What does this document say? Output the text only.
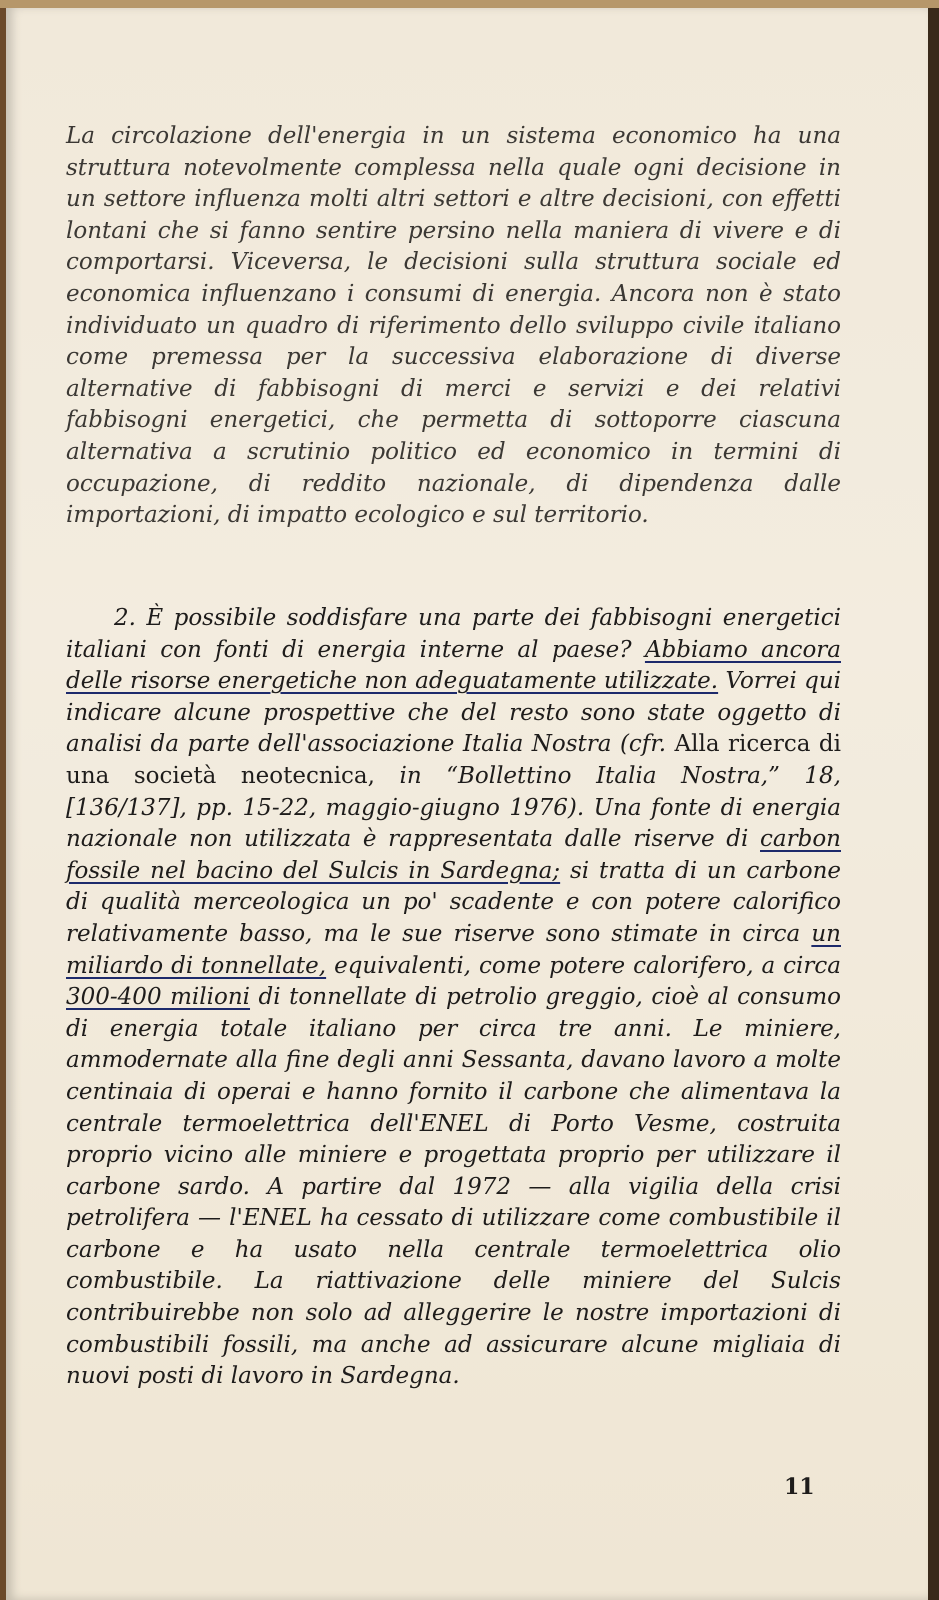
La circolazione dell'energia in un sistema economico ha una struttura notevolmente complessa nella quale ogni decisione in un settore influenza molti altri settori e altre decisioni, con effetti lontani che si fanno sentire persino nella maniera di vivere e di comportarsi. Viceversa, le decisioni sulla struttura sociale ed economica influenzano i consumi di energia. Ancora non è stato individuato un quadro di riferimento dello sviluppo civile italiano come premessa per la successiva elaborazione di diverse alternative di fabbisogni di merci e servizi e dei relativi fabbisogni energetici, che permetta di sottoporre ciascuna alternativa a scrutinio politico ed economico in termini di occupazione, di reddito nazionale, di dipendenza dalle importazioni, di impatto ecologico e sul territorio.

2. È possibile soddisfare una parte dei fabbisogni energetici italiani con fonti di energia interne al paese? Abbiamo ancora delle risorse energetiche non adeguatamente utilizzate. Vorrei qui indicare alcune prospettive che del resto sono state oggetto di analisi da parte dell'associazione Italia Nostra (cfr. Alla ricerca di una società neotecnica, in “Bollettino Italia Nostra,” 18, [136/137], pp. 15-22, maggio-giugno 1976). Una fonte di energia nazionale non utilizzata è rappresentata dalle riserve di carbon fossile nel bacino del Sulcis in Sardegna; si tratta di un carbone di qualità merceologica un po' scadente e con potere calorifico relativamente basso, ma le sue riserve sono stimate in circa un miliardo di tonnellate, equivalenti, come potere calorifero, a circa 300-400 milioni di tonnellate di petrolio greggio, cioè al consumo di energia totale italiano per circa tre anni. Le miniere, ammodernate alla fine degli anni Sessanta, davano lavoro a molte centinaia di operai e hanno fornito il carbone che alimentava la centrale termoelettrica dell'ENEL di Porto Vesme, costruita proprio vicino alle miniere e progettata proprio per utilizzare il carbone sardo. A partire dal 1972 — alla vigilia della crisi petrolifera — l'ENEL ha cessato di utilizzare come combustibile il carbone e ha usato nella centrale termoelettrica olio combustibile. La riattivazione delle miniere del Sulcis contribuirebbe non solo ad alleggerire le nostre importazioni di combustibili fossili, ma anche ad assicurare alcune migliaia di nuovi posti di lavoro in Sardegna.

11
